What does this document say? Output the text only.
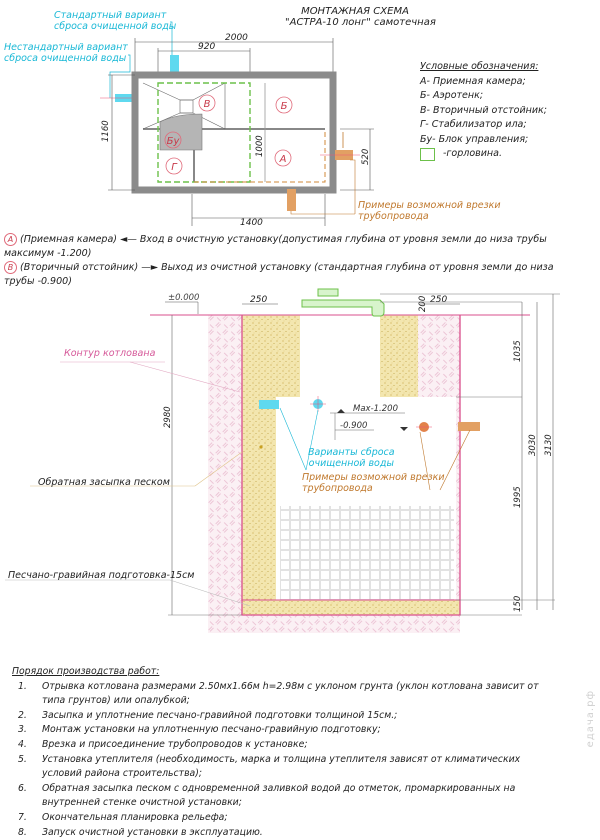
МОНТАЖНАЯ СХЕМА
"АСТРА-10 лонг" самотечная
Стандартный вариант
сброса очищенной воды
Нестандартный вариант
сброса очищенной воды
2000
920
В	Б
Бу
Г
А
1000
1160
520
1400
Примеры возможной врезки
трубопровода
Условные обозначения:
А- Приемная камера;
Б- Аэротенк;
В- Вторичный отстойник;
Г- Стабилизатор ила;
Бу- Блок управления;
-горловина.
А (Приемная камера) ◄— Вход в очистную установку(допустимая глубина от уровня земли до низа трубы
максимум -1.200)
В (Вторичный отстойник) —► Выход из очистной установку (стандартная глубина от уровня земли до низа
трубы -0.900)
±0.000	250	250
200
1035
1995
150
3030 3130
2980	Max-1.200
-0.900
Контур котлована
Обратная засыпка песком
Песчано-гравийная подготовка-15см
Варианты сброса
очищенной воды
Примеры возможной врезки
трубопровода
Порядок производства работ:
1.	Отрывка котлована размерами 2.50мх1.66м h=2.98м с уклоном грунта (уклон котлована зависит от
типа грунтов) или опалубкой;
2.	Засыпка и уплотнение песчано-гравийной подготовки толщиной 15см.;
3.	Монтаж установки на уплотненную песчано-гравийную подготовку;
4.	Врезка и присоединение трубопроводов к установке;
5.	Установка утеплителя (необходимость, марка и толщина утеплителя зависят от климатических
условий района строительства);
6.	Обратная засыпка песком с одновременной заливкой водой до отметок, промаркированных на
внутренней стенке очистной установки;
7.	Окончательная планировка рельефа;
8.	Запуск очистной установки в эксплуатацию.
eдача.рф
